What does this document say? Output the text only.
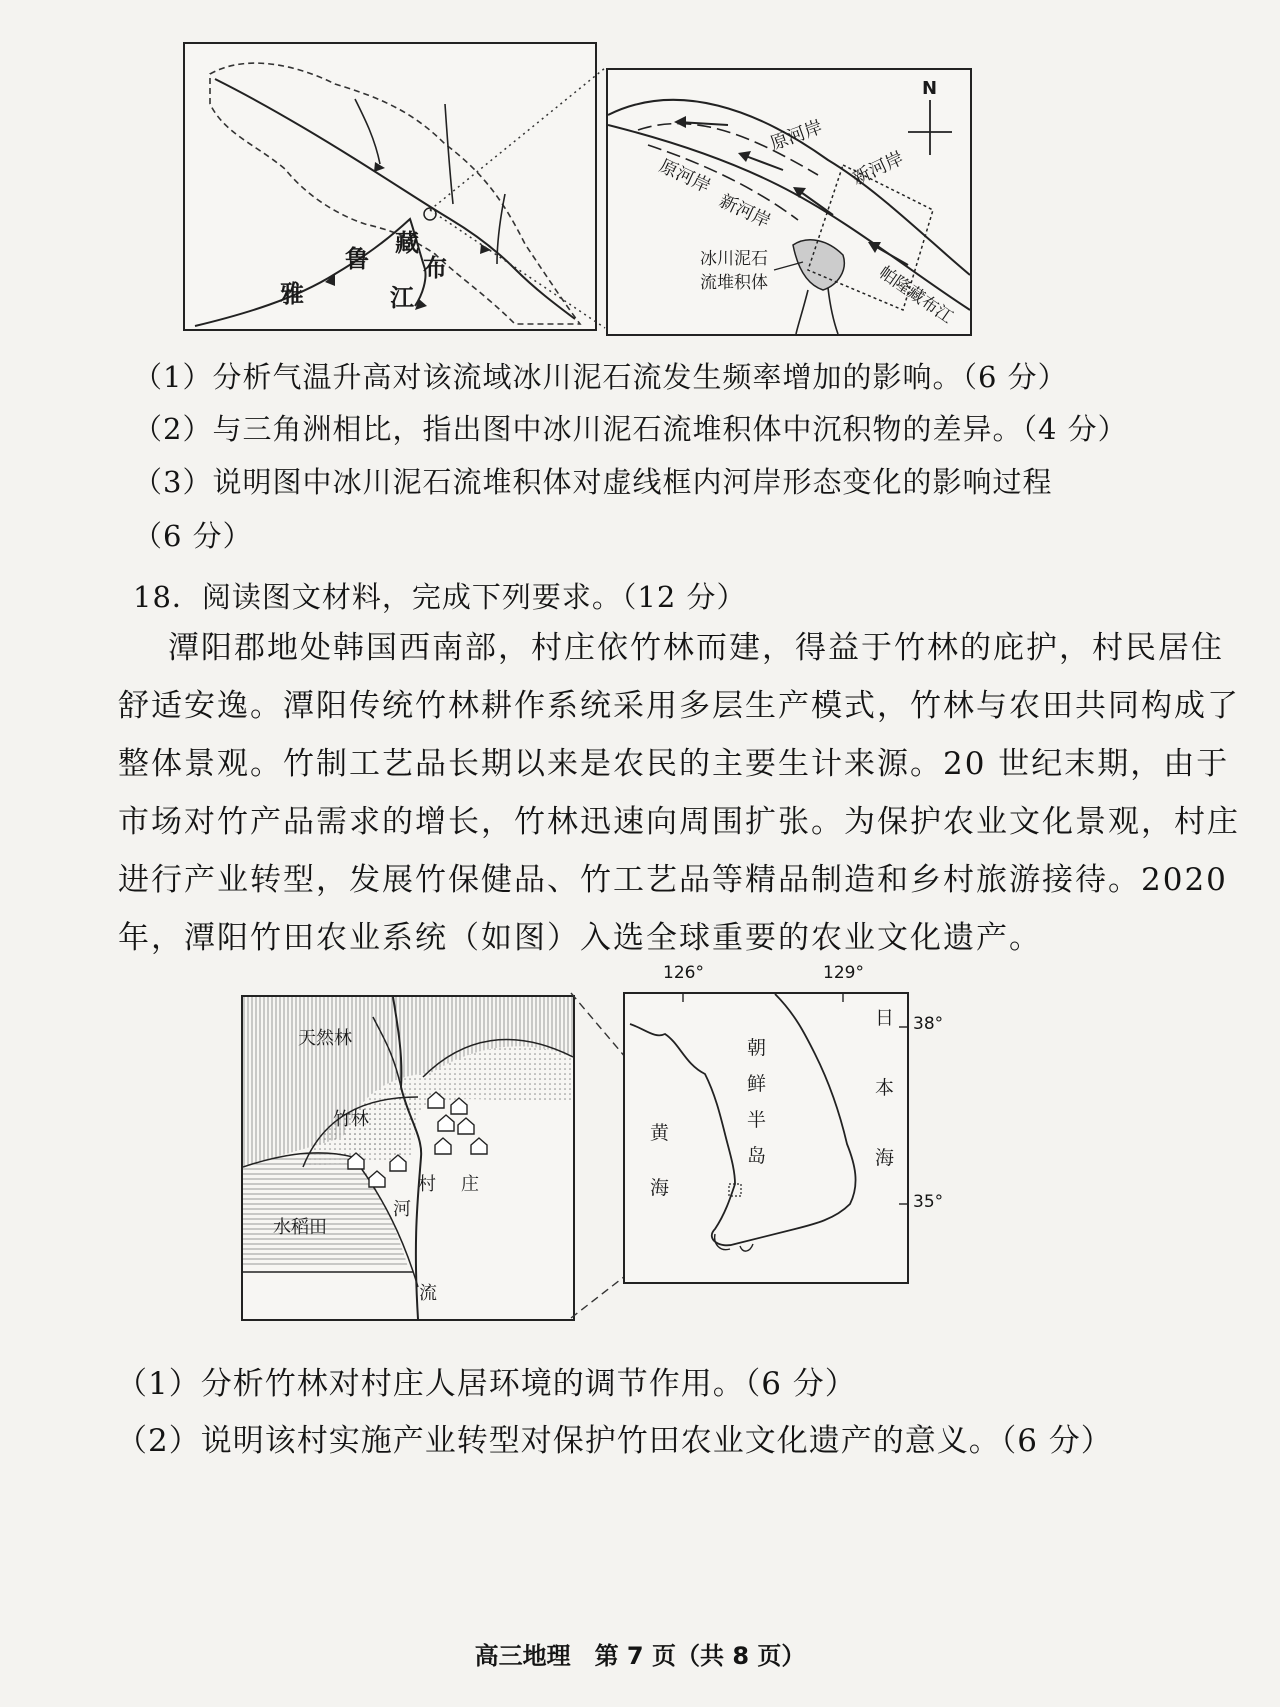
雅
鲁
藏
布
江
N
原河岸
原河岸	新河岸
新河岸
冰川泥石
流堆积体	帕隆藏布江
（1）分析气温升高对该流域冰川泥石流发生频率增加的影响。（6 分）
（2）与三角洲相比，指出图中冰川泥石流堆积体中沉积物的差异。（4 分）
（3）说明图中冰川泥石流堆积体对虚线框内河岸形态变化的影响过程
（6 分）
18．阅读图文材料，完成下列要求。（12 分）
潭阳郡地处韩国西南部，村庄依竹林而建，得益于竹林的庇护，村民居住
舒适安逸。潭阳传统竹林耕作系统采用多层生产模式，竹林与农田共同构成了
整体景观。竹制工艺品长期以来是农民的主要生计来源。20 世纪末期，由于
市场对竹产品需求的增长，竹林迅速向周围扩张。为保护农业文化景观，村庄
进行产业转型，发展竹保健品、竹工艺品等精品制造和乡村旅游接待。2020
年，潭阳竹田农业系统（如图）入选全球重要的农业文化遗产。
天然林
竹林
村 庄
水稻田
河
流
朝
鲜
半
岛
黄
海
日
本
海
126°	129°
38°
35°
（1）分析竹林对村庄人居环境的调节作用。（6 分）
（2）说明该村实施产业转型对保护竹田农业文化遗产的意义。（6 分）
高三地理　第 7 页（共 8 页）
